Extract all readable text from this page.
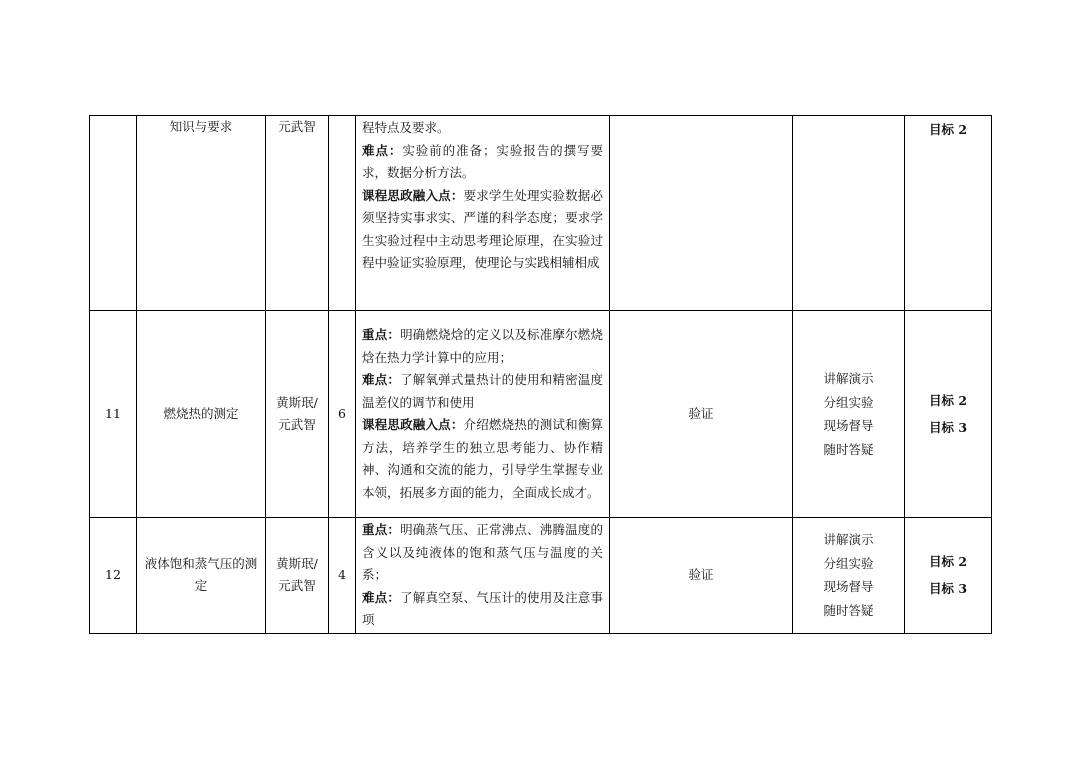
	知识与要求	元武智		程特点及要求。
难点：实验前的准备；实验报告的撰写要求，数据分析方法。
课程思政融入点：要求学生处理实验数据必须坚持实事求实、严谨的科学态度；要求学生实验过程中主动思考理论原理，在实验过程中验证实验原理，使理论与实践相辅相成			目标 2

11	燃烧热的测定	黄斯珉/
元武智	6	重点：明确燃烧焓的定义以及标准摩尔燃烧焓在热力学计算中的应用；
难点：了解氧弹式量热计的使用和精密温度温差仪的调节和使用
课程思政融入点：介绍燃烧热的测试和衡算方法，培养学生的独立思考能力、协作精神、沟通和交流的能力，引导学生掌握专业本领，拓展多方面的能力，全面成长成才。	验证	讲解演示
分组实验
现场督导
随时答疑	目标 2
目标 3

12	液体饱和蒸气压的测定	黄斯珉/
元武智	4	重点：明确蒸气压、正常沸点、沸腾温度的含义以及纯液体的饱和蒸气压与温度的关系；
难点：了解真空泵、气压计的使用及注意事项	验证	讲解演示
分组实验
现场督导
随时答疑	目标 2
目标 3
